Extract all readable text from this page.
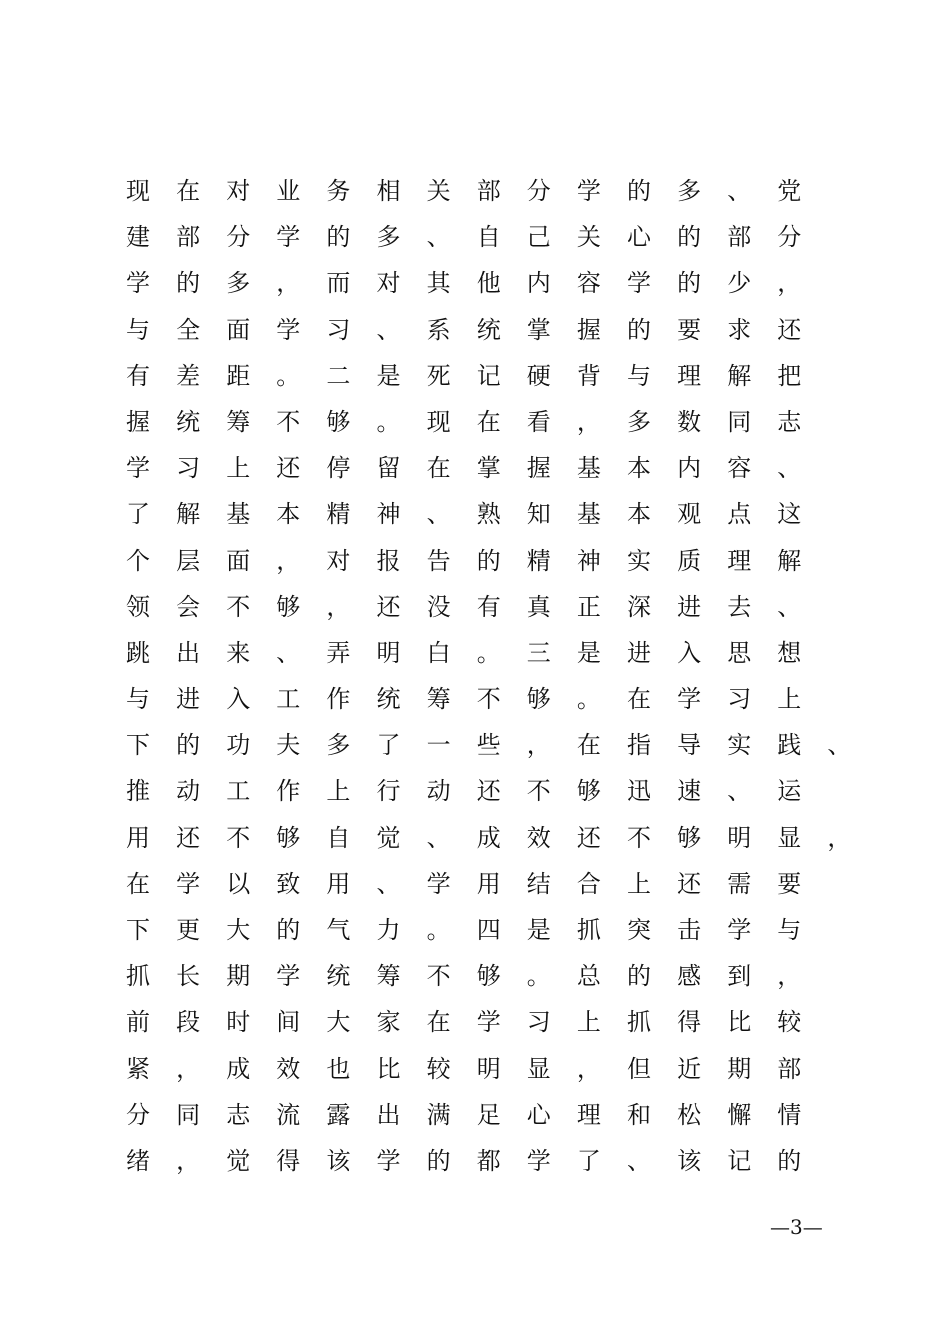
现 在 对 业 务 相 关 部 分 学 的 多 、 党
建 部 分 学 的 多 、 自 己 关 心 的 部 分
学 的 多 ， 而 对 其 他 内 容 学 的 少 ，
与 全 面 学 习 、 系 统 掌 握 的 要 求 还
有 差 距 。 二 是 死 记 硬 背 与 理 解 把
握 统 筹 不 够 。 现 在 看 ， 多 数 同 志
学 习 上 还 停 留 在 掌 握 基 本 内 容 、
了 解 基 本 精 神 、 熟 知 基 本 观 点 这
个 层 面 ， 对 报 告 的 精 神 实 质 理 解
领 会 不 够 ， 还 没 有 真 正 深 进 去 、
跳 出 来 、 弄 明 白 。 三 是 进 入 思 想
与 进 入 工 作 统 筹 不 够 。 在 学 习 上
下 的 功 夫 多 了 一 些 ， 在 指 导 实 践 、
推 动 工 作 上 行 动 还 不 够 迅 速 、 运
用 还 不 够 自 觉 、 成 效 还 不 够 明 显 ，
在 学 以 致 用 、 学 用 结 合 上 还 需 要
下 更 大 的 气 力 。 四 是 抓 突 击 学 与
抓 长 期 学 统 筹 不 够 。 总 的 感 到 ，
前 段 时 间 大 家 在 学 习 上 抓 得 比 较
紧 ， 成 效 也 比 较 明 显 ， 但 近 期 部
分 同 志 流 露 出 满 足 心 理 和 松 懈 情
绪 ， 觉 得 该 学 的 都 学 了 、 该 记 的
—3—
